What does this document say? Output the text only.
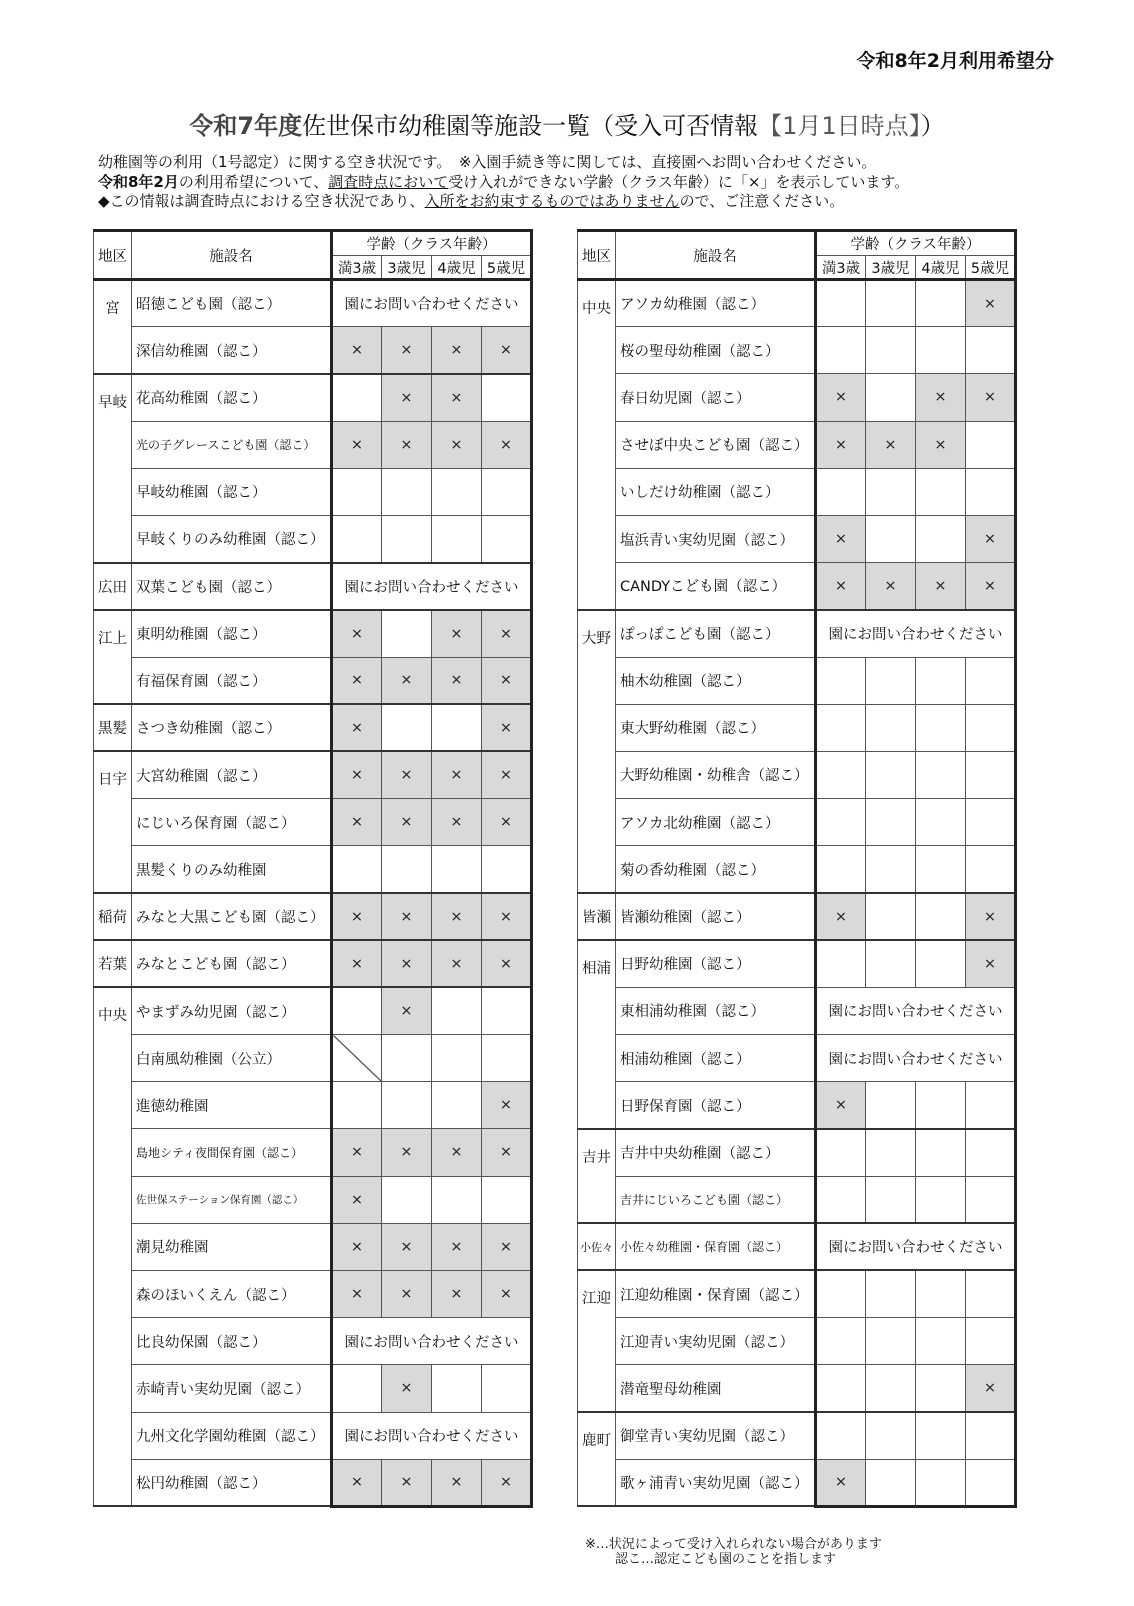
令和8年2月利用希望分
令和7年度佐世保市幼稚園等施設一覧（受入可否情報【1月1日時点】）
幼稚園等の利用（1号認定）に関する空き状況です。　※入園手続き等に関しては、直接園へお問い合わせください。
令和8年2月の利用希望について、調査時点において受け入れができない学齢（クラス年齢）に「×」を表示しています。
◆この情報は調査時点における空き状況であり、入所をお約束するものではありませんので、ご注意ください。
地区	施設名	学齢（クラス年齢）			
		満3歳	3歳児	4歳児	5歳児
宮	昭徳こども園（認こ）	園にお問い合わせください			
	深信幼稚園（認こ）	×	×	×	×
早岐	花高幼稚園（認こ）		×	×	
	光の子グレースこども園（認こ）	×	×	×	×
	早岐幼稚園（認こ）				
	早岐くりのみ幼稚園（認こ）				
広田	双葉こども園（認こ）	園にお問い合わせください			
江上	東明幼稚園（認こ）	×		×	×
	有福保育園（認こ）	×	×	×	×
黒髪	さつき幼稚園（認こ）	×			×
日宇	大宮幼稚園（認こ）	×	×	×	×
	にじいろ保育園（認こ）	×	×	×	×
	黒髪くりのみ幼稚園				
稲荷	みなと大黒こども園（認こ）	×	×	×	×
若葉	みなとこども園（認こ）	×	×	×	×
中央	やまずみ幼児園（認こ）		×		
	白南風幼稚園（公立）				
	進徳幼稚園				×
	島地シティ夜間保育園（認こ）	×	×	×	×
	佐世保ステーション保育園（認こ）	×			
	潮見幼稚園	×	×	×	×
	森のほいくえん（認こ）	×	×	×	×
	比良幼保園（認こ）	園にお問い合わせください			
	赤崎青い実幼児園（認こ）		×		
	九州文化学園幼稚園（認こ）	園にお問い合わせください			
	松円幼稚園（認こ）	×	×	×	×
地区	施設名	学齢（クラス年齢）			
		満3歳	3歳児	4歳児	5歳児
中央	アソカ幼稚園（認こ）				×
	桜の聖母幼稚園（認こ）				
	春日幼児園（認こ）	×		×	×
	させぼ中央こども園（認こ）	×	×	×	
	いしだけ幼稚園（認こ）				
	塩浜青い実幼児園（認こ）	×			×
	CANDYこども園（認こ）	×	×	×	×
大野	ぽっぽこども園（認こ）	園にお問い合わせください			
	柚木幼稚園（認こ）				
	東大野幼稚園（認こ）				
	大野幼稚園・幼稚舎（認こ）				
	アソカ北幼稚園（認こ）				
	菊の香幼稚園（認こ）				
皆瀬	皆瀬幼稚園（認こ）	×			×
相浦	日野幼稚園（認こ）				×
	東相浦幼稚園（認こ）	園にお問い合わせください			
	相浦幼稚園（認こ）	園にお問い合わせください			
	日野保育園（認こ）	×			
吉井	吉井中央幼稚園（認こ）				
	吉井にじいろこども園（認こ）				
小佐々	小佐々幼稚園・保育園（認こ）	園にお問い合わせください			
江迎	江迎幼稚園・保育園（認こ）				
	江迎青い実幼児園（認こ）				
	潜竜聖母幼稚園				×
鹿町	御堂青い実幼児園（認こ）				
	歌ヶ浦青い実幼児園（認こ）	×			
※…状況によって受け入れられない場合があります
認こ…認定こども園のことを指します
